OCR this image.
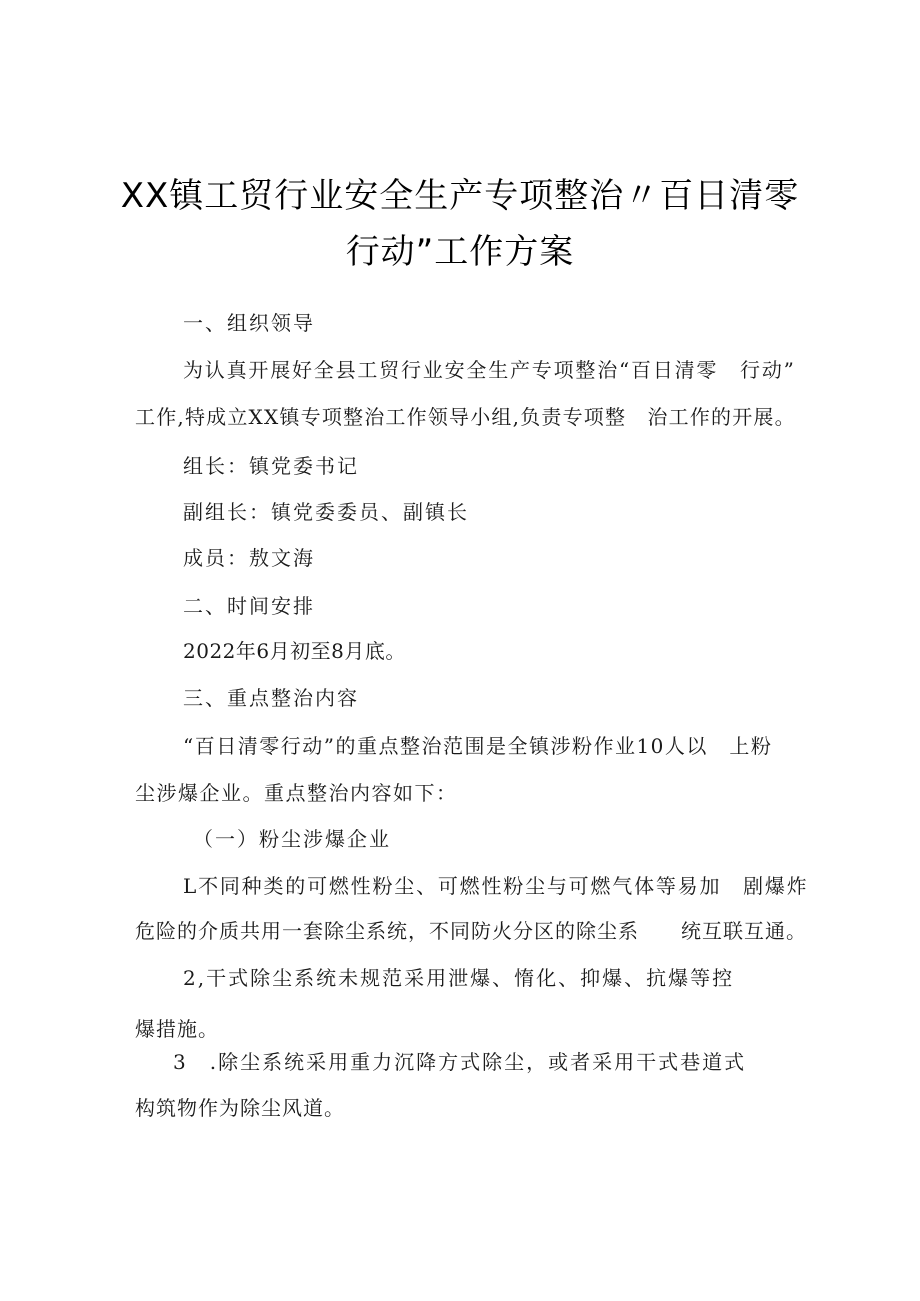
XX镇工贸行业安全生产专项整治〃百日清零
行动”工作方案
一、组织领导
为认真开展好全县工贸行业安全生产专项整治“百日清零　行动”
工作,特成立XX镇专项整治工作领导小组,负责专项整　治工作的开展。
组长：镇党委书记
副组长：镇党委委员、副镇长
成员：敖文海
二、时间安排
2022年6月初至8月底。
三、重点整治内容
“百日清零行动”的重点整治范围是全镇涉粉作业10人以　上粉
尘涉爆企业。重点整治内容如下：
（一）粉尘涉爆企业
L不同种类的可燃性粉尘、可燃性粉尘与可燃气体等易加　剧爆炸
危险的介质共用一套除尘系统，不同防火分区的除尘系　　统互联互通。
2,干式除尘系统未规范采用泄爆、惰化、抑爆、抗爆等控
爆措施。
3　.除尘系统采用重力沉降方式除尘，或者采用干式巷道式
构筑物作为除尘风道。
